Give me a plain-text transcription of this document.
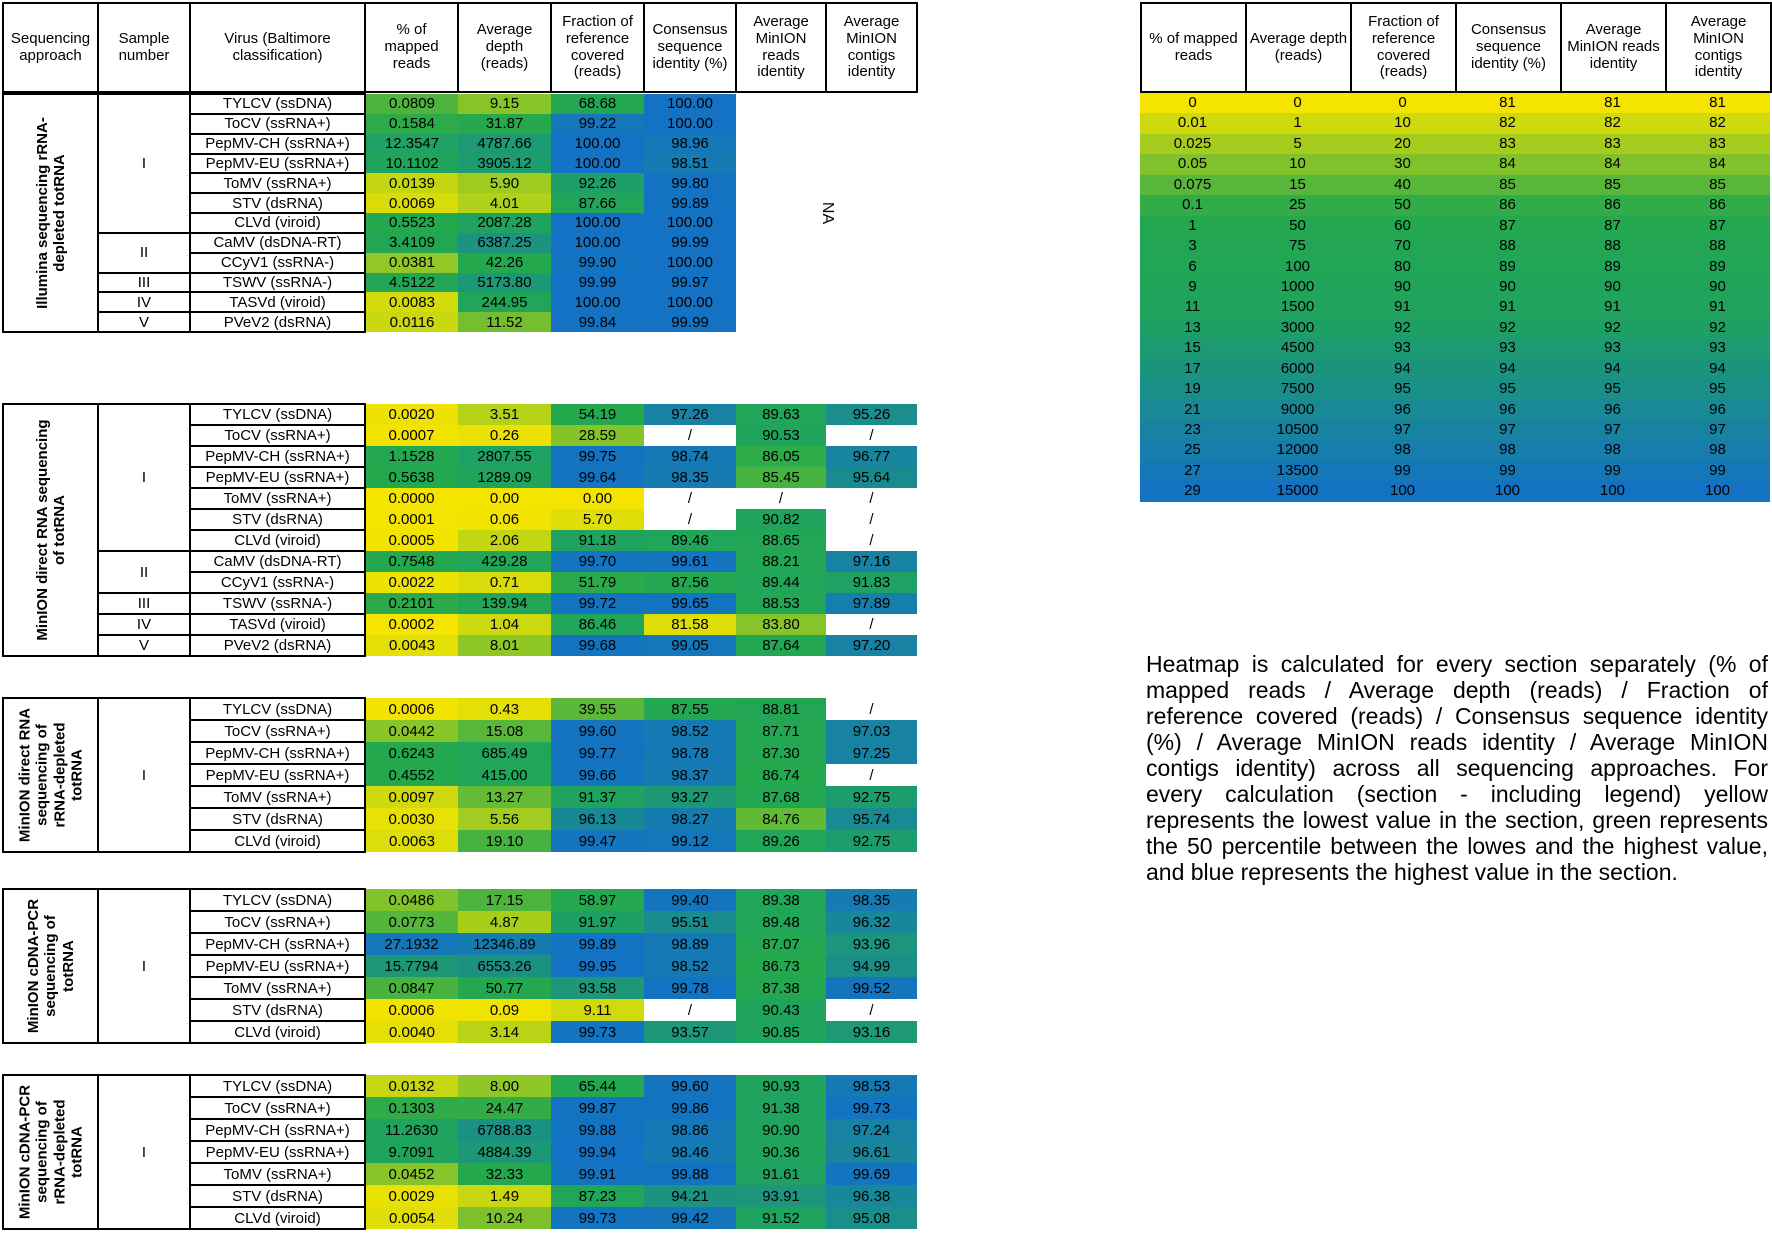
Sequencing approach	Sample number	Virus (Baltimore classification)	% of mapped reads	Average depth (reads)	Fraction of reference covered (reads)	Consensus sequence identity (%)	Average MinION reads identity	Average MinION contigs identity
Illumina sequencing rRNA-depleted totRNA	I	TYLCV (ssDNA)	0.0809	9.15	68.68	100.00	NA

		ToCV (ssRNA+)	0.1584	31.87	99.22	100.00	
		PepMV-CH (ssRNA+)	12.3547	4787.66	100.00	98.96	
		PepMV-EU (ssRNA+)	10.1102	3905.12	100.00	98.51	
		ToMV (ssRNA+)	0.0139	5.90	92.26	99.80	
		STV (dsRNA)	0.0069	4.01	87.66	99.89	
		CLVd (viroid)	0.5523	2087.28	100.00	100.00	
	II	CaMV (dsDNA-RT)	3.4109	6387.25	100.00	99.99	
		CCyV1 (ssRNA-)	0.0381	42.26	99.90	100.00	
	III	TSWV (ssRNA-)	4.5122	5173.80	99.99	99.97	
	IV	TASVd (viroid)	0.0083	244.95	100.00	100.00	
	V	PVeV2 (dsRNA)	0.0116	11.52	99.84	99.99	
MinION direct RNA sequencing of totRNA	I	TYLCV (ssDNA)	0.0020	3.51	54.19	97.26	89.63	95.26
		ToCV (ssRNA+)	0.0007	0.26	28.59	/	90.53	/
		PepMV-CH (ssRNA+)	1.1528	2807.55	99.75	98.74	86.05	96.77
		PepMV-EU (ssRNA+)	0.5638	1289.09	99.64	98.35	85.45	95.64
		ToMV (ssRNA+)	0.0000	0.00	0.00	/	/	/
		STV (dsRNA)	0.0001	0.06	5.70	/	90.82	/
		CLVd (viroid)	0.0005	2.06	91.18	89.46	88.65	/
	II	CaMV (dsDNA-RT)	0.7548	429.28	99.70	99.61	88.21	97.16
		CCyV1 (ssRNA-)	0.0022	0.71	51.79	87.56	89.44	91.83
	III	TSWV (ssRNA-)	0.2101	139.94	99.72	99.65	88.53	97.89
	IV	TASVd (viroid)	0.0002	1.04	86.46	81.58	83.80	/
	V	PVeV2 (dsRNA)	0.0043	8.01	99.68	99.05	87.64	97.20
MinION direct RNA sequencing of rRNA-depleted totRNA	I	TYLCV (ssDNA)	0.0006	0.43	39.55	87.55	88.81	/
		ToCV (ssRNA+)	0.0442	15.08	99.60	98.52	87.71	97.03
		PepMV-CH (ssRNA+)	0.6243	685.49	99.77	98.78	87.30	97.25
		PepMV-EU (ssRNA+)	0.4552	415.00	99.66	98.37	86.74	/
		ToMV (ssRNA+)	0.0097	13.27	91.37	93.27	87.68	92.75
		STV (dsRNA)	0.0030	5.56	96.13	98.27	84.76	95.74
		CLVd (viroid)	0.0063	19.10	99.47	99.12	89.26	92.75
MinION cDNA-PCR sequencing of totRNA	I	TYLCV (ssDNA)	0.0486	17.15	58.97	99.40	89.38	98.35
		ToCV (ssRNA+)	0.0773	4.87	91.97	95.51	89.48	96.32
		PepMV-CH (ssRNA+)	27.1932	12346.89	99.89	98.89	87.07	93.96
		PepMV-EU (ssRNA+)	15.7794	6553.26	99.95	98.52	86.73	94.99
		ToMV (ssRNA+)	0.0847	50.77	93.58	99.78	87.38	99.52
		STV (dsRNA)	0.0006	0.09	9.11	/	90.43	/
		CLVd (viroid)	0.0040	3.14	99.73	93.57	90.85	93.16
MinION cDNA-PCR sequencing of rRNA-depleted totRNA	I	TYLCV (ssDNA)	0.0132	8.00	65.44	99.60	90.93	98.53
		ToCV (ssRNA+)	0.1303	24.47	99.87	99.86	91.38	99.73
		PepMV-CH (ssRNA+)	11.2630	6788.83	99.88	98.86	90.90	97.24
		PepMV-EU (ssRNA+)	9.7091	4884.39	99.94	98.46	90.36	96.61
		ToMV (ssRNA+)	0.0452	32.33	99.91	99.88	91.61	99.69
		STV (dsRNA)	0.0029	1.49	87.23	94.21	93.91	96.38
		CLVd (viroid)	0.0054	10.24	99.73	99.42	91.52	95.08
% of mapped reads	Average depth (reads)	Fraction of reference covered (reads)	Consensus sequence identity (%)	Average MinION reads identity	Average MinION contigs identity
0	0	0	81	81	81
0.01	1	10	82	82	82
0.025	5	20	83	83	83
0.05	10	30	84	84	84
0.075	15	40	85	85	85
0.1	25	50	86	86	86
1	50	60	87	87	87
3	75	70	88	88	88
6	100	80	89	89	89
9	1000	90	90	90	90
11	1500	91	91	91	91
13	3000	92	92	92	92
15	4500	93	93	93	93
17	6000	94	94	94	94
19	7500	95	95	95	95
21	9000	96	96	96	96
23	10500	97	97	97	97
25	12000	98	98	98	98
27	13500	99	99	99	99
29	15000	100	100	100	100
Heatmap is calculated for every section separately (% of mapped reads / Average depth (reads) / Fraction of reference covered (reads) / Consensus sequence identity (%) / Average MinION reads identity / Average MinION contigs identity) across all sequencing approaches. For every calculation (section - including legend) yellow represents the lowest value in the section, green represents the 50 percentile between the lowes and the highest value, and blue represents the highest value in the section.
